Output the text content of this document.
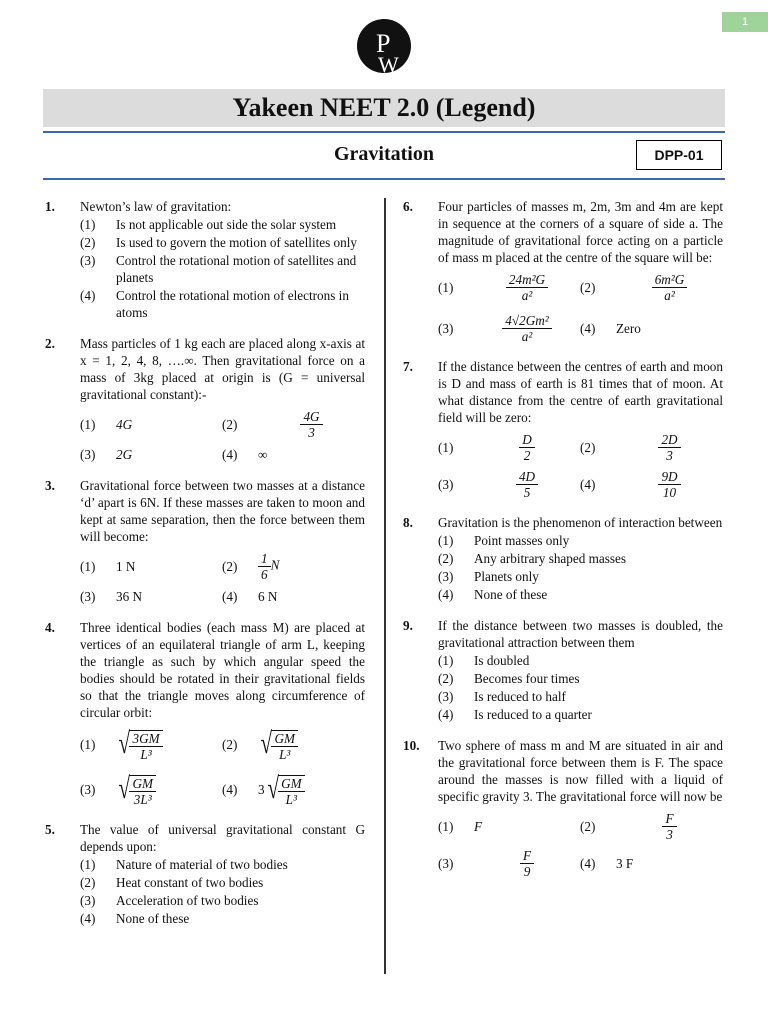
1
P
W
Yakeen NEET 2.0 (Legend)
Gravitation	DPP-01
1.	Newton’s law of gravitation:
(1)	Is not applicable out side the solar system
(2)	Is used to govern the motion of satellites only
(3)	Control the rotational motion of satellites and planets
(4)	Control the rotational motion of electrons in atoms
2.	Mass particles of 1 kg each are placed along x-axis at x = 1, 2, 4, 8, ….∞. Then gravitational force on a mass of 3kg placed at origin is (G = universal gravitational constant):-
(1)	4G	(2)	$\frac{4G}{3}$
(3)	2G	(4)	∞
3.	Gravitational force between two masses at a distance ‘d’ apart is 6N. If these masses are taken to moon and kept at same separation, then the force between them will become:
(1)	1 N	(2)	$\frac{1}{6}$ N
(3)	36 N	(4)	6 N
4.	Three identical bodies (each mass M) are placed at vertices of an equilateral triangle of arm L, keeping the triangle as such by which angular speed the bodies should be rotated in their gravitational fields so that the triangle moves along circumference of circular orbit:
(1) √ $\frac{3GM}{\text{L³}}$	(2) √ $\frac{GM}{\text{L³}}$
(3) √ $\frac{GM}{\text{3L³}}$	(4)	3 √ $\frac{GM}{\text{L³}}$
5.	The value of universal gravitational constant G depends upon:
(1)	Nature of material of two bodies
(2)	Heat constant of two bodies
(3)	Acceleration of two bodies
(4)	None of these
6.	Four particles of masses m, 2m, 3m and 4m are kept in sequence at the corners of a square of side a. The magnitude of gravitational force acting on a particle of mass m placed at the centre of the square will be:
(1)	$\frac{\text{24m²G}}{\text{a²}} (2)$	$\frac{\text{6m²G}}{\text{a²}}$
(3)	$\frac{\text{4√2Gm²}}{\text{a²}} (4)$	Zero
7.	If the distance between the centres of earth and moon is D and mass of earth is 81 times that of moon. At what distance from the centre of earth gravitational field will be zero:
(1)	$\frac{D}{2} (2)$	$\frac{2D}{3}$
(3)	$\frac{4D}{5} (4)$	$\frac{9D}{10}$
8.	Gravitation is the phenomenon of interaction between
(1)	Point masses only
(2)	Any arbitrary shaped masses
(3)	Planets only
(4)	None of these
9.	If the distance between two masses is doubled, the gravitational attraction between them
(1)	Is doubled
(2)	Becomes four times
(3)	Is reduced to half
(4)	Is reduced to a quarter
10.	Two sphere of mass m and M are situated in air and the gravitational force between them is F. The space around the masses is now filled with a liquid of specific gravity 3. The gravitational force will now be
(1)	F	(2)	$\frac{F}{3}$
(3)	$\frac{F}{9} (4)$	3 F
